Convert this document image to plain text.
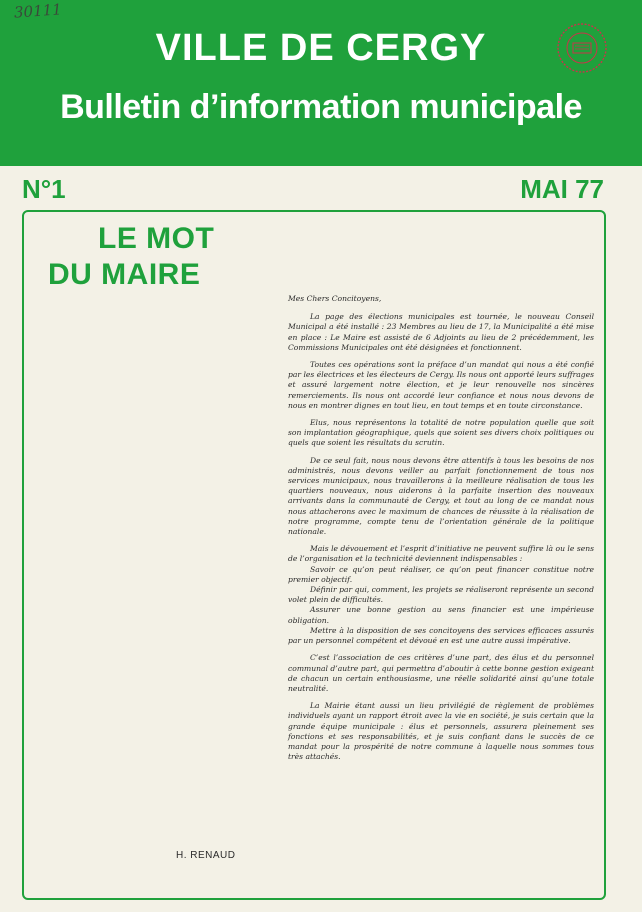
30111
VILLE DE CERGY
Bulletin d’information municipale
N°1	MAI 77
LE MOT
DU MAIRE

Mes Chers Concitoyens,

La page des élections municipales est tournée, le nouveau Conseil Municipal a été installé : 23 Membres au lieu de 17, la Municipalité a été mise en place : Le Maire est assisté de 6 Adjoints au lieu de 2 précédemment, les Commissions Municipales ont été désignées et fonctionnent.

Toutes ces opérations sont la préface d’un mandat qui nous a été confié par les électrices et les électeurs de Cergy. Ils nous ont apporté leurs suffrages et assuré largement notre élection, et je leur renouvelle nos sincères remerciements. Ils nous ont accordé leur confiance et nous nous devons de nous en montrer dignes en tout lieu, en tout temps et en toute circonstance.

Elus, nous représentons la totalité de notre population quelle que soit son implantation géographique, quels que soient ses divers choix politiques ou quels que soient les résultats du scrutin.

De ce seul fait, nous nous devons être attentifs à tous les besoins de nos administrés, nous devons veiller au parfait fonctionnement de tous nos services municipaux, nous travaillerons à la meilleure réalisation de tous les quartiers nouveaux, nous aiderons à la parfaite insertion des nouveaux arrivants dans la communauté de Cergy, et tout au long de ce mandat nous nous attacherons avec le maximum de chances de réussite à la réalisation de notre programme, compte tenu de l’orientation générale de la politique nationale.

Mais le dévouement et l’esprit d’initiative ne peuvent suffire là ou le sens de l’organisation et la technicité deviennent indispensables :

Savoir ce qu’on peut réaliser, ce qu’on peut financer constitue notre premier objectif.

Définir par qui, comment, les projets se réaliseront représente un second volet plein de difficultés.

Assurer une bonne gestion au sens financier est une impérieuse obligation.

Mettre à la disposition de ses concitoyens des services efficaces assurés par un personnel compétent et dévoué en est une autre aussi impérative.

C’est l’association de ces critères d’une part, des élus et du personnel communal d’autre part, qui permettra d’aboutir à cette bonne gestion exigeant de chacun un certain enthousiasme, une réelle solidarité ainsi qu’une totale neutralité.

La Mairie étant aussi un lieu privilégié de règlement de problèmes individuels ayant un rapport étroit avec la vie en société, je suis certain que la grande équipe municipale : élus et personnels, assurera pleinement ses fonctions et ses responsabilités, et je suis confiant dans le succès de ce mandat pour la prospérité de notre commune à laquelle nous sommes tous très attachés.

H. RENAUD
